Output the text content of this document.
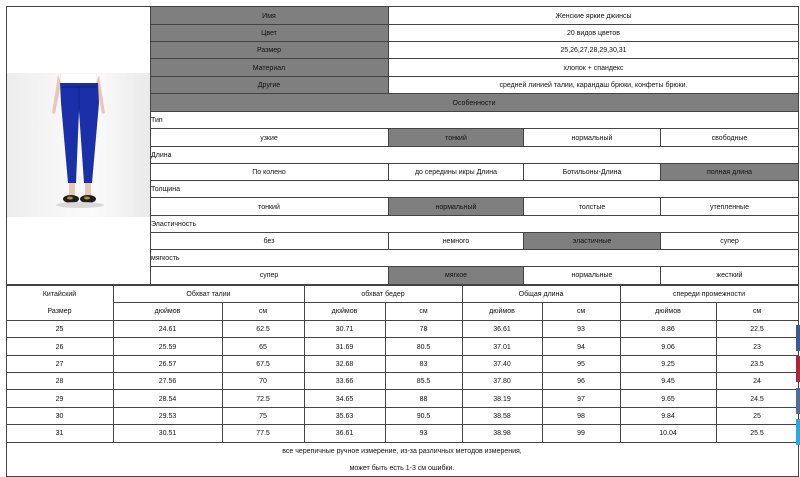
Имя	Женские яркие джинсы
Цвет	20 видов цветов
Размер	25,26,27,28,29,30,31
Материал	хлопок + спандекс
Другие	средней линией талии, карандаш брюки, конфеты брюки.
Особенности
Тип
узкие	тонкий	нормальный	свободные
Длина
По колено	до середины икры Длина	Ботильоны-Длина	полная длина
Толщина
тонкий	нормальный	толстые	утепленные
Эластичность
без	немного	эластичные	супер
мягкость
супер	мягкое	нормальные	жесткий
Китайский
Размер
Обхват талии	обхват бедер	Общая длина	спереди промежности
дюймов	см	дюймов	см	дюймов	см	дюймов	см
25	24.61	62.5	30.71	78	36.61	93	8.86	22.5
26	25.59	65	31.69	80.5	37.01	94	9.06	23
27	26.57	67.5	32.68	83	37.40	95	9.25	23.5
28	27.56	70	33.66	85.5	37.80	96	9.45	24
29	28.54	72.5	34.65	88	38.19	97	9.65	24.5
30	29.53	75	35.63	90.5	38.58	98	9.84	25
31	30.51	77.5	36.61	93	38.98	99	10.04	25.5
все черепичные ручное измерение, из-за различных методов измерения,
может быть есть 1-3 см ошибки.
